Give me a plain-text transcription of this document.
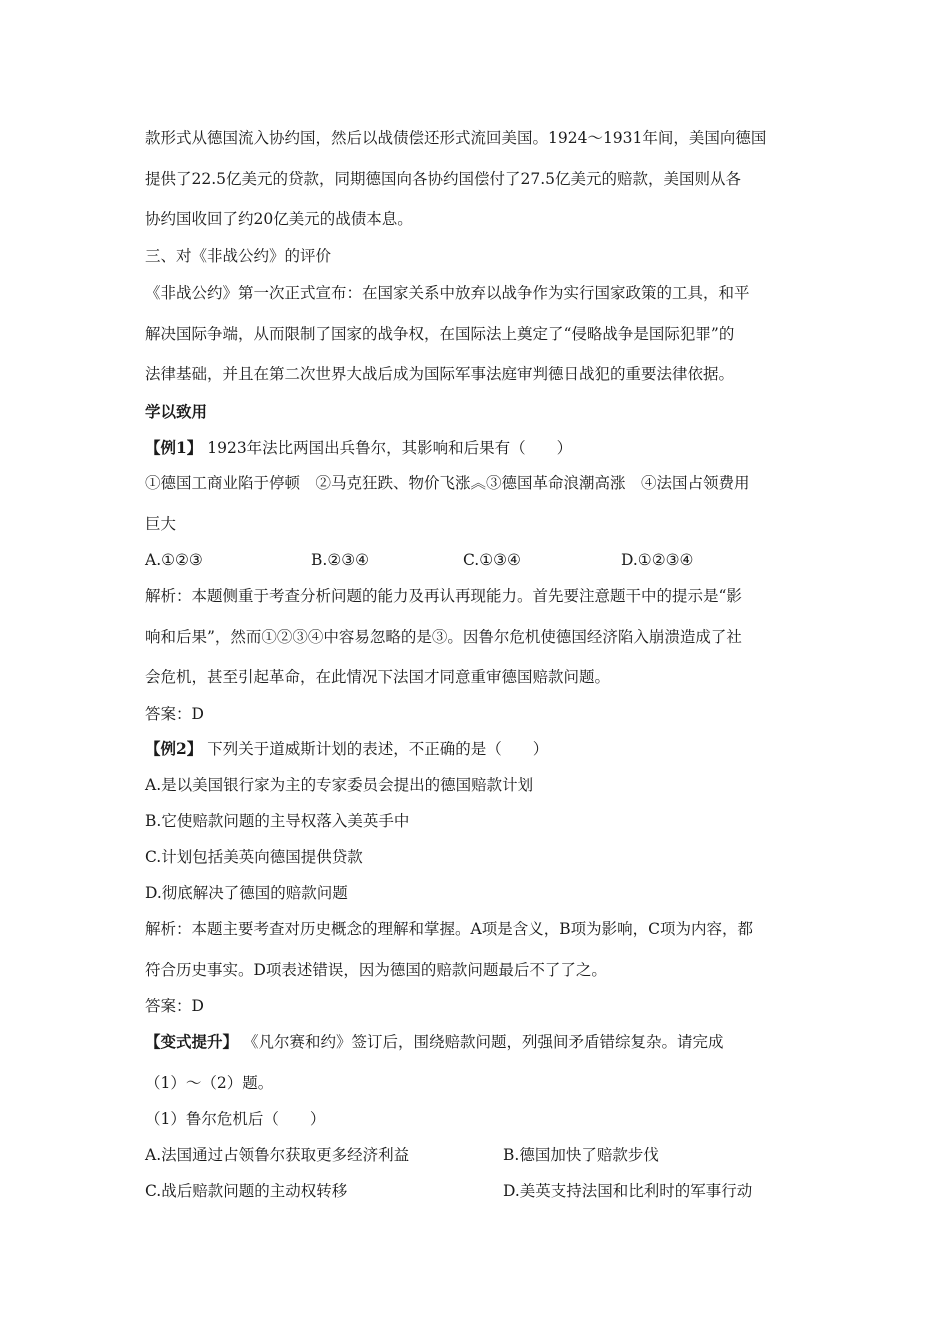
款形式从德国流入协约国，然后以战债偿还形式流回美国。1924～1931年间，美国向德国
提供了22.5亿美元的贷款，同期德国向各协约国偿付了27.5亿美元的赔款，美国则从各
协约国收回了约20亿美元的战债本息。
三、对《非战公约》的评价
《非战公约》第一次正式宣布：在国家关系中放弃以战争作为实行国家政策的工具，和平
解决国际争端，从而限制了国家的战争权，在国际法上奠定了“侵略战争是国际犯罪”的
法律基础，并且在第二次世界大战后成为国际军事法庭审判德日战犯的重要法律依据。
学以致用
【例1】 1923年法比两国出兵鲁尔，其影响和后果有（　　）
①德国工商业陷于停顿　②马克狂跌、物价飞涨︽③德国革命浪潮高涨　④法国占领费用
巨大
A.①②③	B.②③④	C.①③④	D.①②③④
解析：本题侧重于考查分析问题的能力及再认再现能力。首先要注意题干中的提示是“影
响和后果”，然而①②③④中容易忽略的是③。因鲁尔危机使德国经济陷入崩溃造成了社
会危机，甚至引起革命，在此情况下法国才同意重审德国赔款问题。
答案：D
【例2】 下列关于道威斯计划的表述，不正确的是（　　）
A.是以美国银行家为主的专家委员会提出的德国赔款计划
B.它使赔款问题的主导权落入美英手中
C.计划包括美英向德国提供贷款
D.彻底解决了德国的赔款问题
解析：本题主要考查对历史概念的理解和掌握。A项是含义，B项为影响，C项为内容，都
符合历史事实。D项表述错误，因为德国的赔款问题最后不了了之。
答案：D
【变式提升】 《凡尔赛和约》签订后，围绕赔款问题，列强间矛盾错综复杂。请完成
（1）～（2）题。
（1）鲁尔危机后（　　）
A.法国通过占领鲁尔获取更多经济利益	B.德国加快了赔款步伐
C.战后赔款问题的主动权转移	D.美英支持法国和比利时的军事行动
